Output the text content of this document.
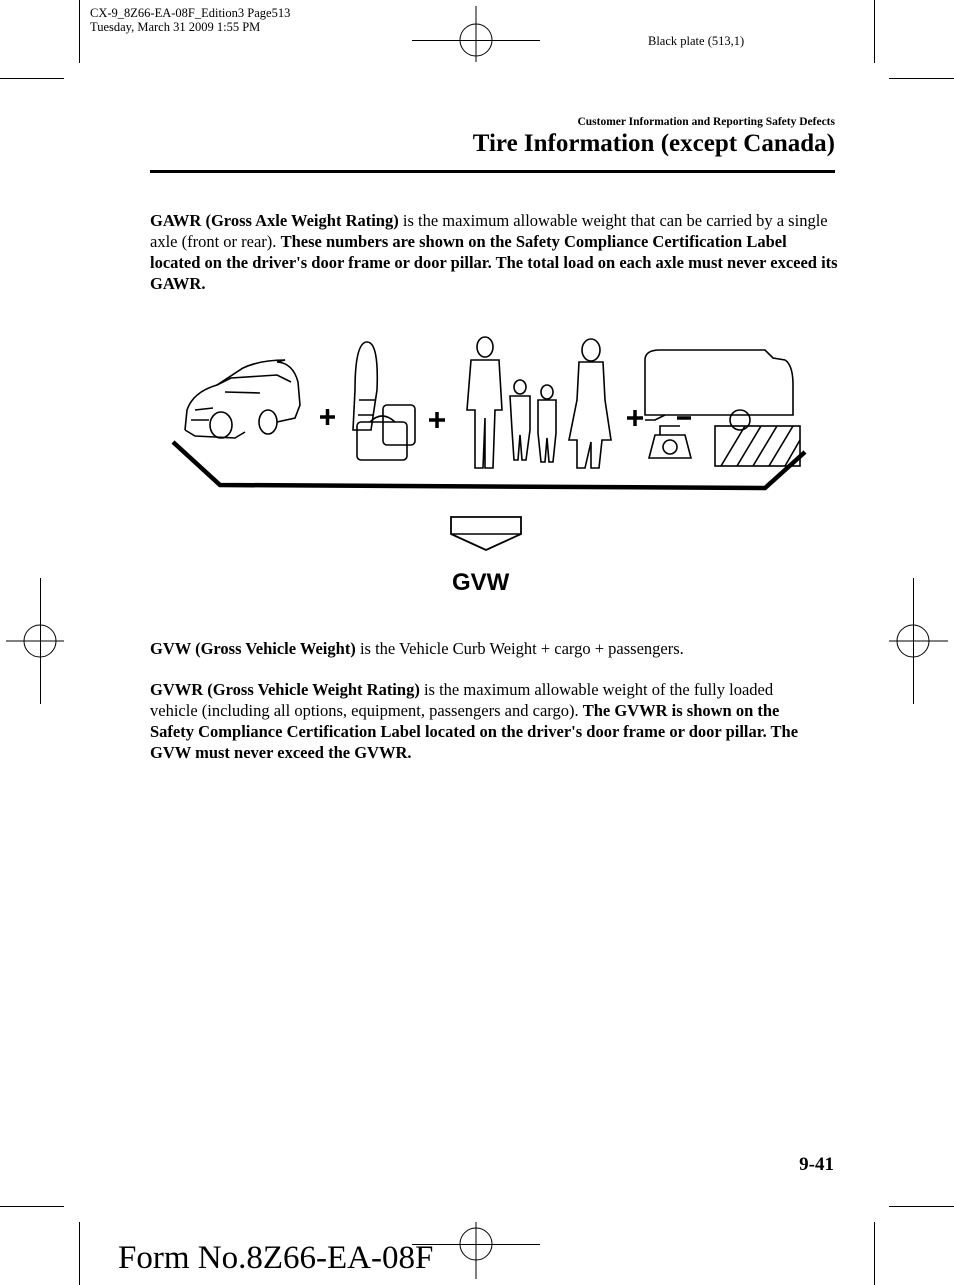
CX-9_8Z66-EA-08F_Edition3 Page513
Tuesday, March 31 2009 1:55 PM
Black plate (513,1)
Customer Information and Reporting Safety Defects
Tire Information (except Canada)
GAWR (Gross Axle Weight Rating) is the maximum allowable weight that can be carried by a single axle (front or rear). These numbers are shown on the Safety Compliance Certification Label located on the driver's door frame or door pillar. The total load on each axle must never exceed its GAWR.
GVW
GVW (Gross Vehicle Weight) is the Vehicle Curb Weight + cargo + passengers.
GVWR (Gross Vehicle Weight Rating) is the maximum allowable weight of the fully loaded vehicle (including all options, equipment, passengers and cargo). The GVWR is shown on the Safety Compliance Certification Label located on the driver's door frame or door pillar. The GVW must never exceed the GVWR.
9-41
Form No.8Z66-EA-08F
